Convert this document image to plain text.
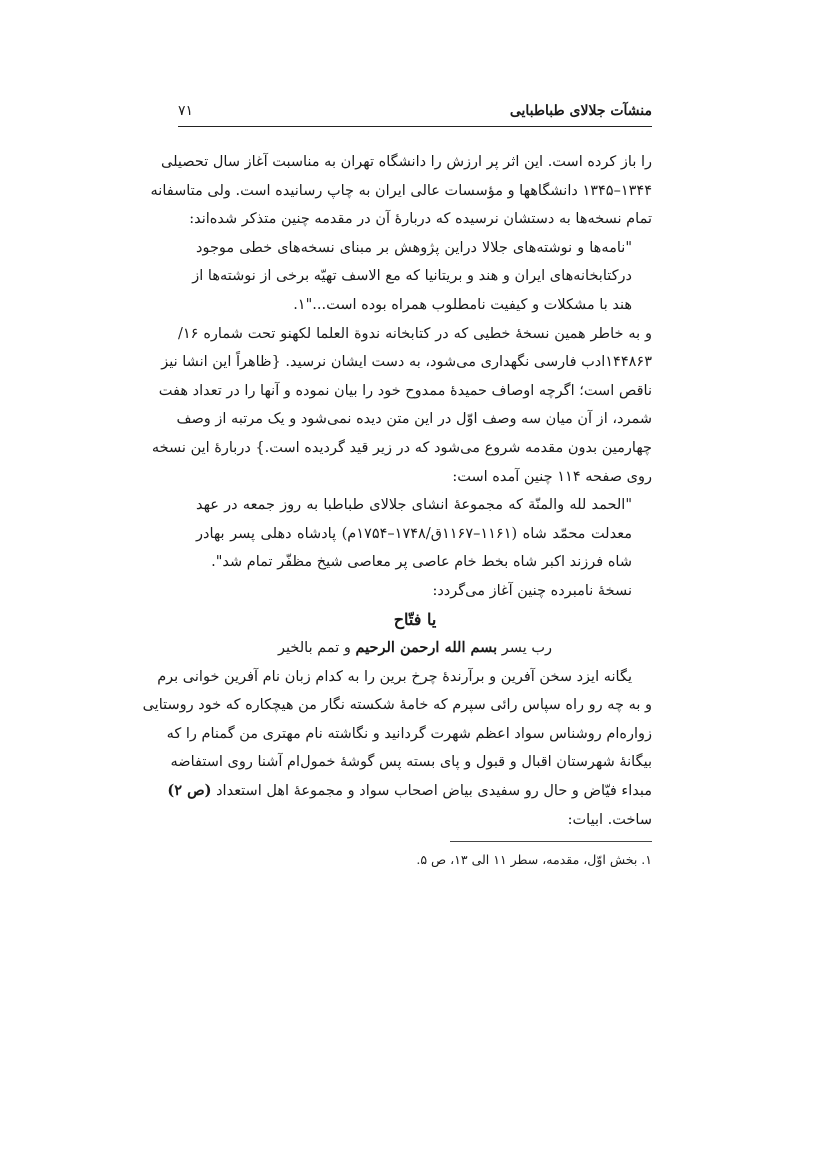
منشآت جلالای طباطبایی
۷۱
را باز کرده است. این اثر پر ارزش را دانشگاه تهران به مناسبت آغاز سال تحصیلی
۱۳۴۴–۱۳۴۵ دانشگاهها و مؤسسات عالی ایران به چاپ رسانیده است. ولی متاسفانه
تمام نسخه‌ها به دستشان نرسیده که دربارهٔ آن در مقدمه چنین متذکر شده‌اند:
"نامه‌ها و نوشته‌های جلالا دراین پژوهش بر مبنای نسخه‌های خطی موجود
درکتابخانه‌های ایران و هند و بریتانیا که مع الاسف تهیّه برخی از نوشته‌ها از
هند با مشکلات و کیفیت نامطلوب همراه بوده است..."۱.
و به خاطر همین نسخهٔ خطیی که در کتابخانه ندوة العلما لکهنو تحت شماره ۱۶/
۱۴۴۸۶۳ادب فارسی نگهداری می‌شود، به دست ایشان نرسید. {ظاهراً این انشا نیز
ناقص است؛ اگرچه اوصاف حمیدهٔ ممدوح خود را بیان نموده و آنها را در تعداد هفت
شمرد، از آن میان سه وصف اوّل در این متن دیده نمی‌شود و یک مرتبه از وصف
چهارمین بدون مقدمه شروع می‌شود که در زیر قید گردیده است.} دربارهٔ این نسخه
روی صفحه ۱۱۴ چنین آمده است:
"الحمد لله والمنّة که مجموعهٔ انشای جلالای طباطبا به روز جمعه در عهد
معدلت محمّد شاه (۱۱۶۱–۱۱۶۷ق/۱۷۴۸–۱۷۵۴م) پادشاه دهلی پسر بهادر
شاه فرزند اکبر شاه بخط خام عاصی پر معاصی شیخ مظفّر تمام شد".
نسخهٔ نامبرده چنین آغاز می‌گردد:
یا فتّاح
رب یسر بسم الله ارحمن الرحیم و تمم بالخیر
یگانه ایزد سخن آفرین و برآرندهٔ چرخ برین را به کدام زبان نام آفرین خوانی برم
و به چه رو راه سپاس رائی سپرم که خامهٔ شکسته نگار من هیچکاره که خود روستایی
زوارەام روشناس سواد اعظم شهرت گردانید و نگاشته نام مهتری من گمنام را که
بیگانهٔ شهرستان اقبال و قبول و پای بسته پس گوشهٔ خمول‌ام آشنا روی استفاضه
مبداء فیّاض و حال رو سفیدی بیاض اصحاب سواد و مجموعهٔ اهل استعداد (ص ۲)
ساخت. ابیات:
۱. بخش اوّل، مقدمه، سطر ۱۱ الی ۱۳، ص ۵.
